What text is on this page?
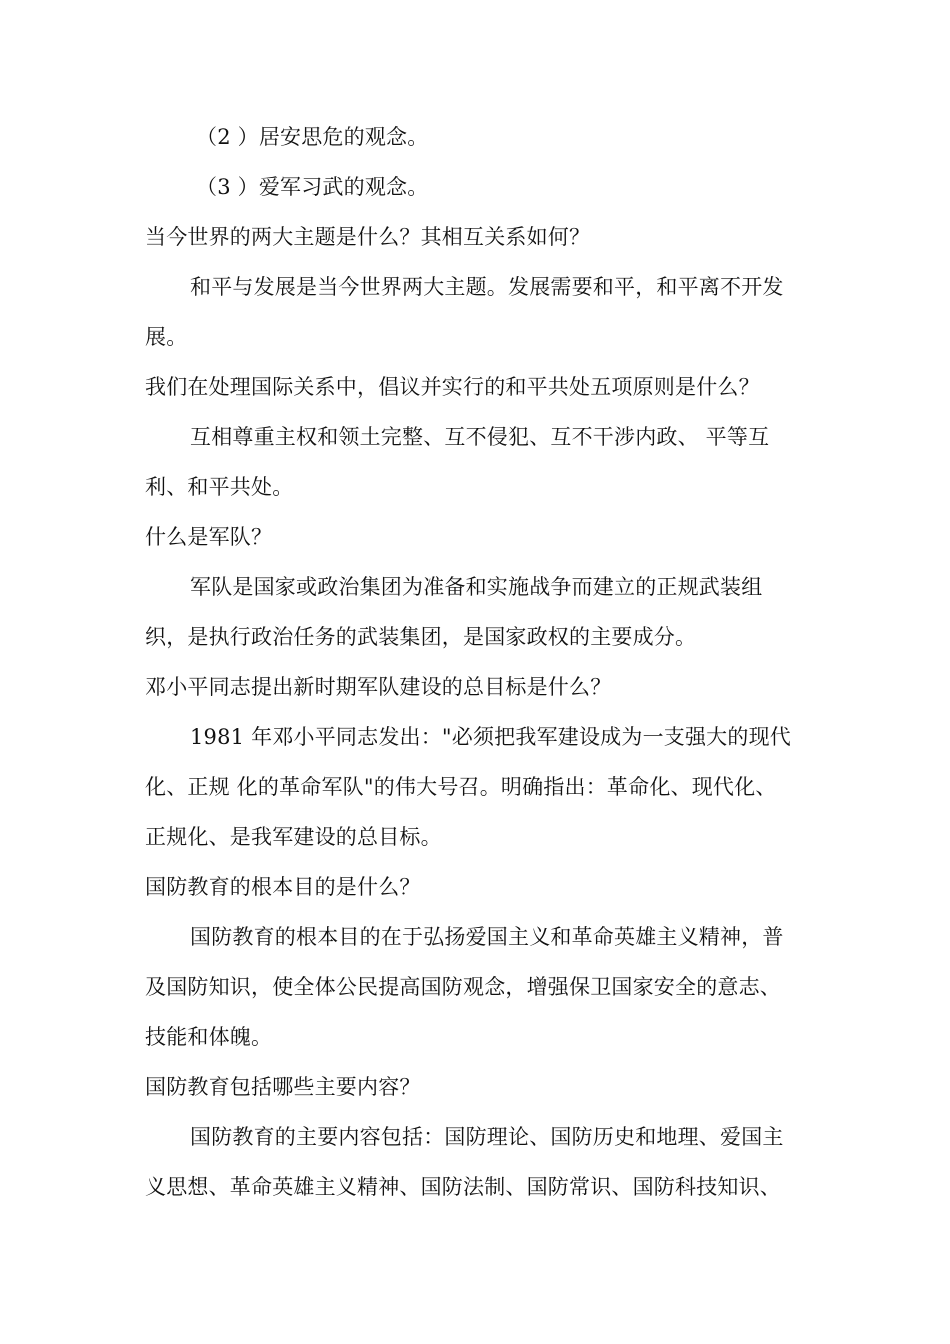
（2 ）居安思危的观念。
（3 ）爱军习武的观念。
当今世界的两大主题是什么？其相互关系如何？
和平与发展是当今世界两大主题。发展需要和平，和平离不开发
展。
我们在处理国际关系中，倡议并实行的和平共处五项原则是什么？
互相尊重主权和领土完整、互不侵犯、互不干涉内政、 平等互
利、和平共处。
什么是军队？
军队是国家或政治集团为准备和实施战争而建立的正规武装组
织，是执行政治任务的武装集团，是国家政权的主要成分。
邓小平同志提出新时期军队建设的总目标是什么？
1981 年邓小平同志发出："必须把我军建设成为一支强大的现代
化、正规 化的革命军队"的伟大号召。明确指出：革命化、现代化、
正规化、是我军建设的总目标。
国防教育的根本目的是什么？
国防教育的根本目的在于弘扬爱国主义和革命英雄主义精神，普
及国防知识，使全体公民提高国防观念，增强保卫国家安全的意志、
技能和体魄。
国防教育包括哪些主要内容？
国防教育的主要内容包括：国防理论、国防历史和地理、爱国主
义思想、革命英雄主义精神、国防法制、国防常识、国防科技知识、
